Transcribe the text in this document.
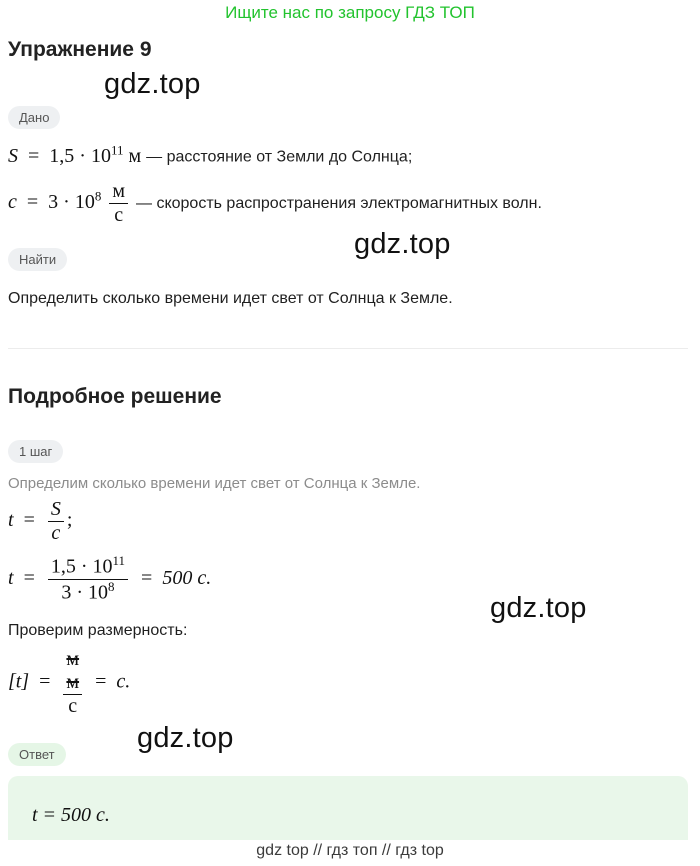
Ищите нас по запросу ГДЗ ТОП
Упражнение 9
gdz.top
Дано
$S = 1,5 \cdot 10^{11}$ м — расстояние от Земли до Солнца;
$c = 3 \cdot 10^8 \frac{м}{с}$ — скорость распространения электромагнитных волн.
gdz.top
Найти
Определить сколько времени идет свет от Солнца к Земле.
Подробное решение
1 шаг
Определим сколько времени идет свет от Солнца к Земле.
$t = \frac{S}{c}$ ;
$t = \frac{1,5 \cdot 10^{11}}{3 \cdot 10^8} = 500$ с.
gdz.top
Проверим размерность:
[t]  =
м
м
с
=  с.
gdz.top
Ответ
t = 500 с.
gdz top // гдз топ // гдз top
